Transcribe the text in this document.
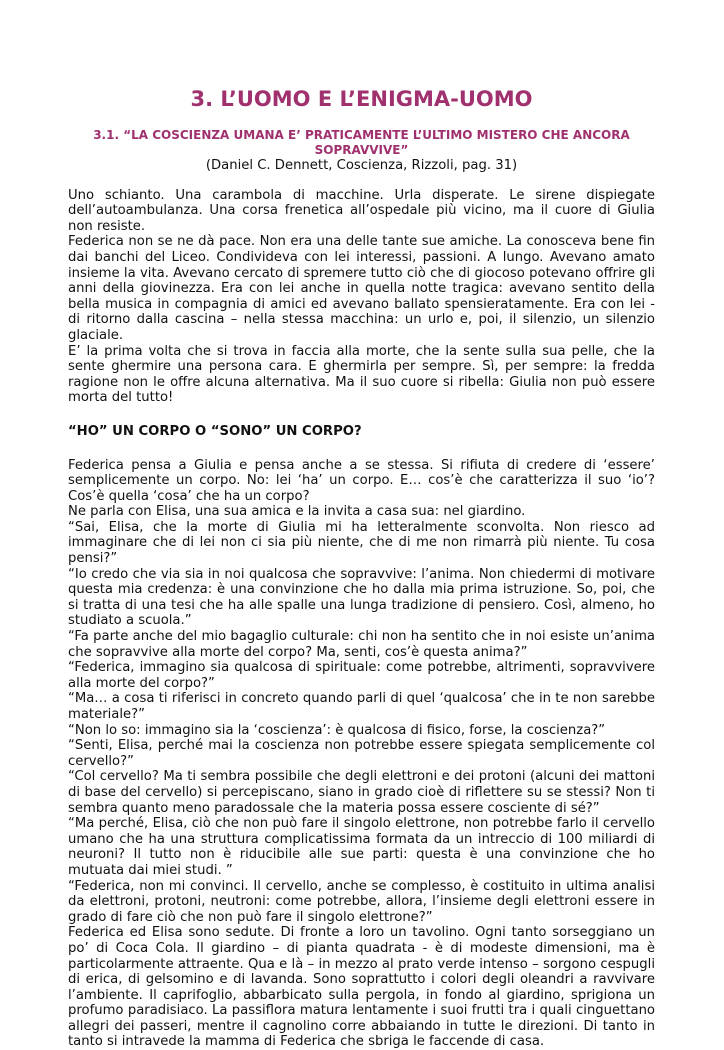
3. L’UOMO E L’ENIGMA-UOMO
3.1. “LA COSCIENZA UMANA E’ PRATICAMENTE L’ULTIMO MISTERO CHE ANCORA SOPRAVVIVE”
(Daniel C. Dennett, Coscienza, Rizzoli, pag. 31)

Uno schianto. Una carambola di macchine. Urla disperate. Le sirene dispiegate dell’autoambulanza. Una corsa frenetica all’ospedale più vicino, ma il cuore di Giulia non resiste.

Federica non se ne dà pace. Non era una delle tante sue amiche. La conosceva bene fin dai banchi del Liceo. Condivideva con lei interessi, passioni. A lungo. Avevano amato insieme la vita. Avevano cercato di spremere tutto ciò che di giocoso potevano offrire gli anni della giovinezza. Era con lei anche in quella notte tragica: avevano sentito della bella musica in compagnia di amici ed avevano ballato spensieratamente. Era con lei - di ritorno dalla cascina – nella stessa macchina: un urlo e, poi, il silenzio, un silenzio glaciale.

E’ la prima volta che si trova in faccia alla morte, che la sente sulla sua pelle, che la sente ghermire una persona cara. E ghermirla per sempre. Sì, per sempre: la fredda ragione non le offre alcuna alternativa. Ma il suo cuore si ribella: Giulia non può essere morta del tutto!

“HO” UN CORPO O “SONO” UN CORPO?

Federica pensa a Giulia e pensa anche a se stessa. Si rifiuta di credere di ‘essere’ semplicemente un corpo. No: lei ‘ha’ un corpo. E… cos’è che caratterizza il suo ‘io’? Cos’è quella ‘cosa’ che ha un corpo?

Ne parla con Elisa, una sua amica e la invita a casa sua: nel giardino.

“Sai, Elisa, che la morte di Giulia mi ha letteralmente sconvolta. Non riesco ad immaginare che di lei non ci sia più niente, che di me non rimarrà più niente. Tu cosa pensi?”

“Io credo che via sia in noi qualcosa che sopravvive: l’anima. Non chiedermi di motivare questa mia credenza: è una convinzione che ho dalla mia prima istruzione. So, poi, che si tratta di una tesi che ha alle spalle una lunga tradizione di pensiero. Così, almeno, ho studiato a scuola.”

“Fa parte anche del mio bagaglio culturale: chi non ha sentito che in noi esiste un’anima che sopravvive alla morte del corpo? Ma, senti, cos’è questa anima?”

“Federica, immagino sia qualcosa di spirituale: come potrebbe, altrimenti, sopravvivere alla morte del corpo?”

“Ma… a cosa ti riferisci in concreto quando parli di quel ‘qualcosa’ che in te non sarebbe materiale?”

“Non lo so: immagino sia la ‘coscienza’: è qualcosa di fisico, forse, la coscienza?”

“Senti, Elisa, perché mai la coscienza non potrebbe essere spiegata semplicemente col cervello?”

“Col cervello? Ma ti sembra possibile che degli elettroni e dei protoni (alcuni dei mattoni di base del cervello) si percepiscano, siano in grado cioè di riflettere su se stessi? Non ti sembra quanto meno paradossale che la materia possa essere cosciente di sé?”

“Ma perché, Elisa, ciò che non può fare il singolo elettrone, non potrebbe farlo il cervello umano che ha una struttura complicatissima formata da un intreccio di 100 miliardi di neuroni? Il tutto non è riducibile alle sue parti: questa è una convinzione che ho mutuata dai miei studi. ”

“Federica, non mi convinci. Il cervello, anche se complesso, è costituito in ultima analisi da elettroni, protoni, neutroni: come potrebbe, allora, l’insieme degli elettroni essere in grado di fare ciò che non può fare il singolo elettrone?”

Federica ed Elisa sono sedute. Di fronte a loro un tavolino. Ogni tanto sorseggiano un po’ di Coca Cola. Il giardino – di pianta quadrata - è di modeste dimensioni, ma è particolarmente attraente. Qua e là – in mezzo al prato verde intenso – sorgono cespugli di erica, di gelsomino e di lavanda. Sono soprattutto i colori degli oleandri a ravvivare l’ambiente. Il caprifoglio, abbarbicato sulla pergola, in fondo al giardino, sprigiona un profumo paradisiaco. La passiflora matura lentamente i suoi frutti tra i quali cinguettano allegri dei passeri, mentre il cagnolino corre abbaiando in tutte le direzioni. Di tanto in tanto si intravede la mamma di Federica che sbriga le faccende di casa.
